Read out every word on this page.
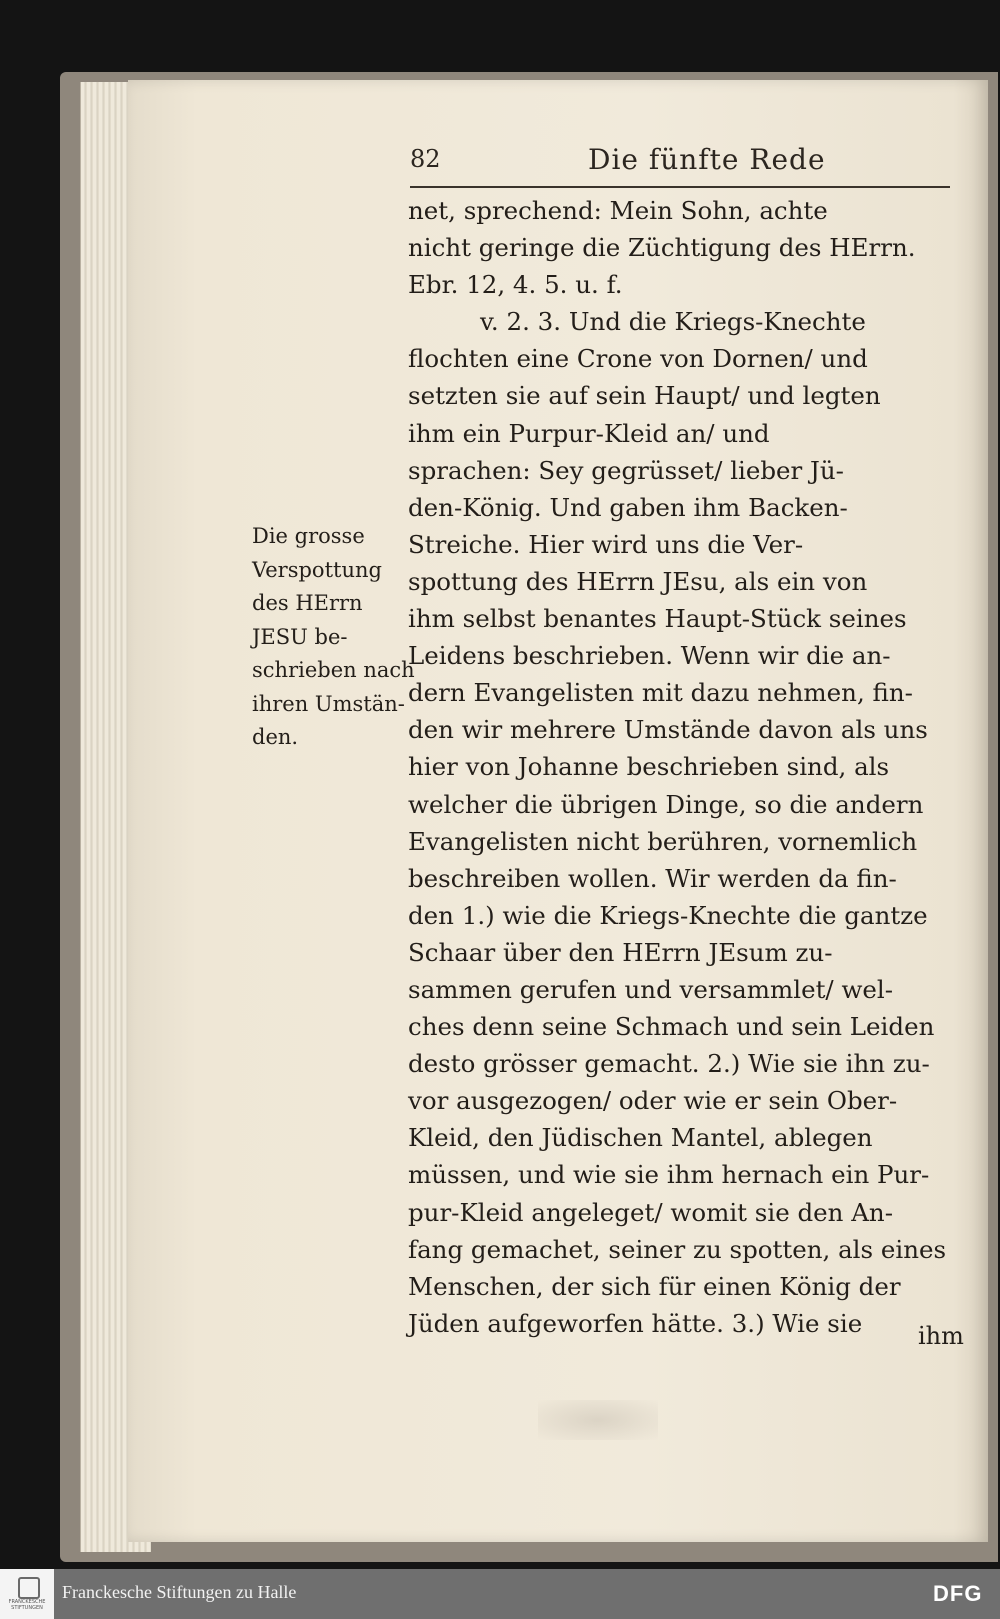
82	Die fünfte Rede
net, sprechend: Mein Sohn, achte
nicht geringe die Züchtigung des HErrn.
Ebr. 12, 4. 5. u. f.
v. 2. 3. Und die Kriegs-Knechte
flochten eine Crone von Dornen/ und
setzten sie auf sein Haupt/ und legten
ihm ein Purpur-Kleid an/ und
sprachen: Sey gegrüsset/ lieber Jü-
den-König. Und gaben ihm Backen-
Streiche. Hier wird uns die Ver-
spottung des HErrn JEsu, als ein von
ihm selbst benantes Haupt-Stück seines
Leidens beschrieben. Wenn wir die an-
dern Evangelisten mit dazu nehmen, fin-
den wir mehrere Umstände davon als uns
hier von Johanne beschrieben sind, als
welcher die übrigen Dinge, so die andern
Evangelisten nicht berühren, vornemlich
beschreiben wollen. Wir werden da fin-
den 1.) wie die Kriegs-Knechte die gantze
Schaar über den HErrn JEsum zu-
sammen gerufen und versammlet/ wel-
ches denn seine Schmach und sein Leiden
desto grösser gemacht. 2.) Wie sie ihn zu-
vor ausgezogen/ oder wie er sein Ober-
Kleid, den Jüdischen Mantel, ablegen
müssen, und wie sie ihm hernach ein Pur-
pur-Kleid angeleget/ womit sie den An-
fang gemachet, seiner zu spotten, als eines
Menschen, der sich für einen König der
Jüden aufgeworfen hätte. 3.) Wie sie
Die grosse
Verspottung
des HErrn
JESU be-
schrieben nach
ihren Umstän-
den.
ihm
FRANCKESCHE STIFTUNGEN
Franckesche Stiftungen zu Halle	DFG
